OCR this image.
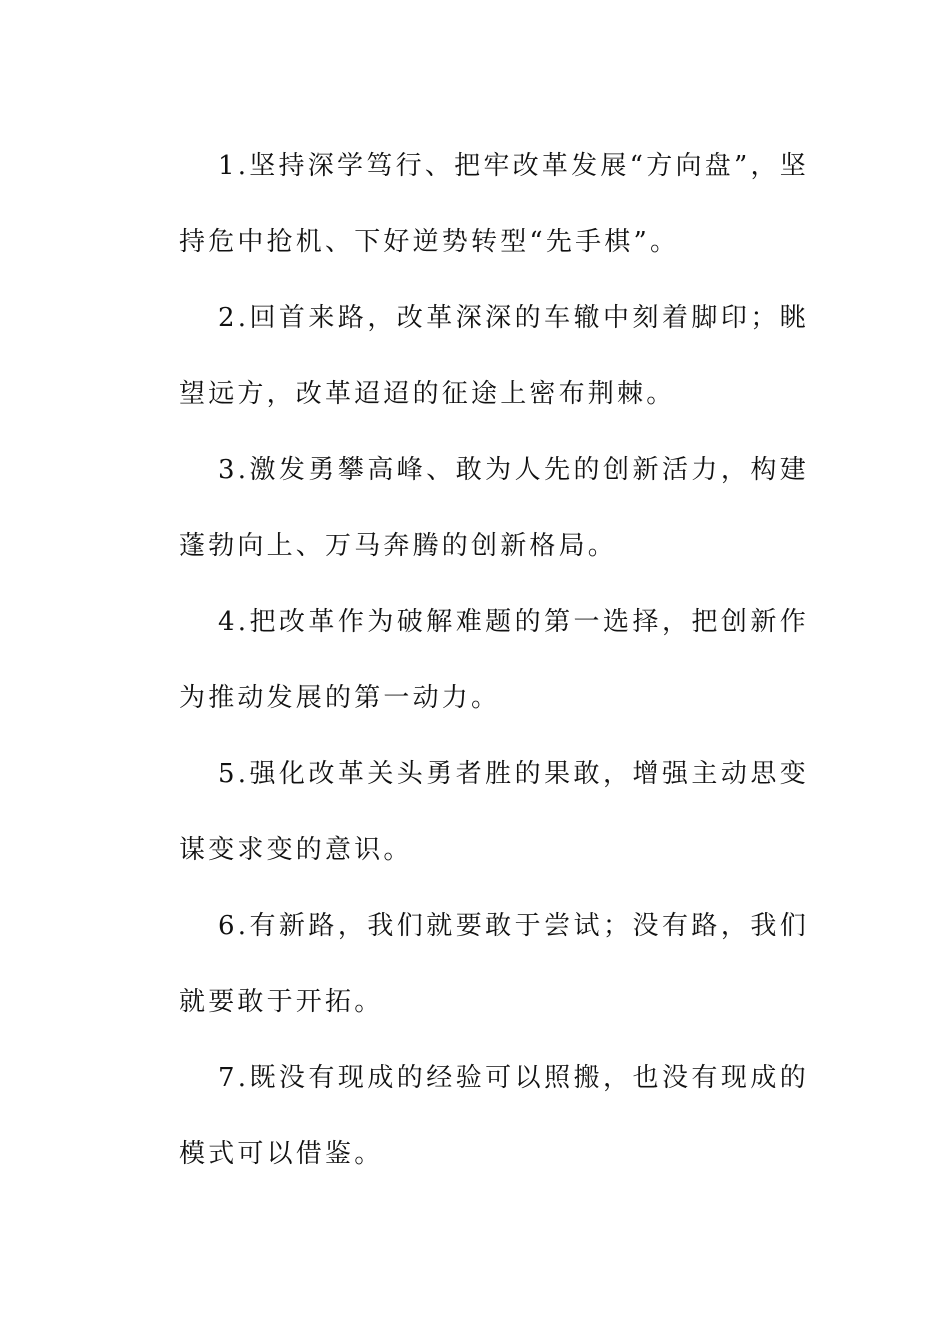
1.坚持深学笃行、把牢改革发展“方向盘”，坚持危中抢机、下好逆势转型“先手棋”。

2.回首来路，改革深深的车辙中刻着脚印；眺望远方，改革迢迢的征途上密布荆棘。

3.激发勇攀高峰、敢为人先的创新活力，构建蓬勃向上、万马奔腾的创新格局。

4.把改革作为破解难题的第一选择，把创新作为推动发展的第一动力。

5.强化改革关头勇者胜的果敢，增强主动思变谋变求变的意识。

6.有新路，我们就要敢于尝试；没有路，我们就要敢于开拓。

7.既没有现成的经验可以照搬，也没有现成的模式可以借鉴。
